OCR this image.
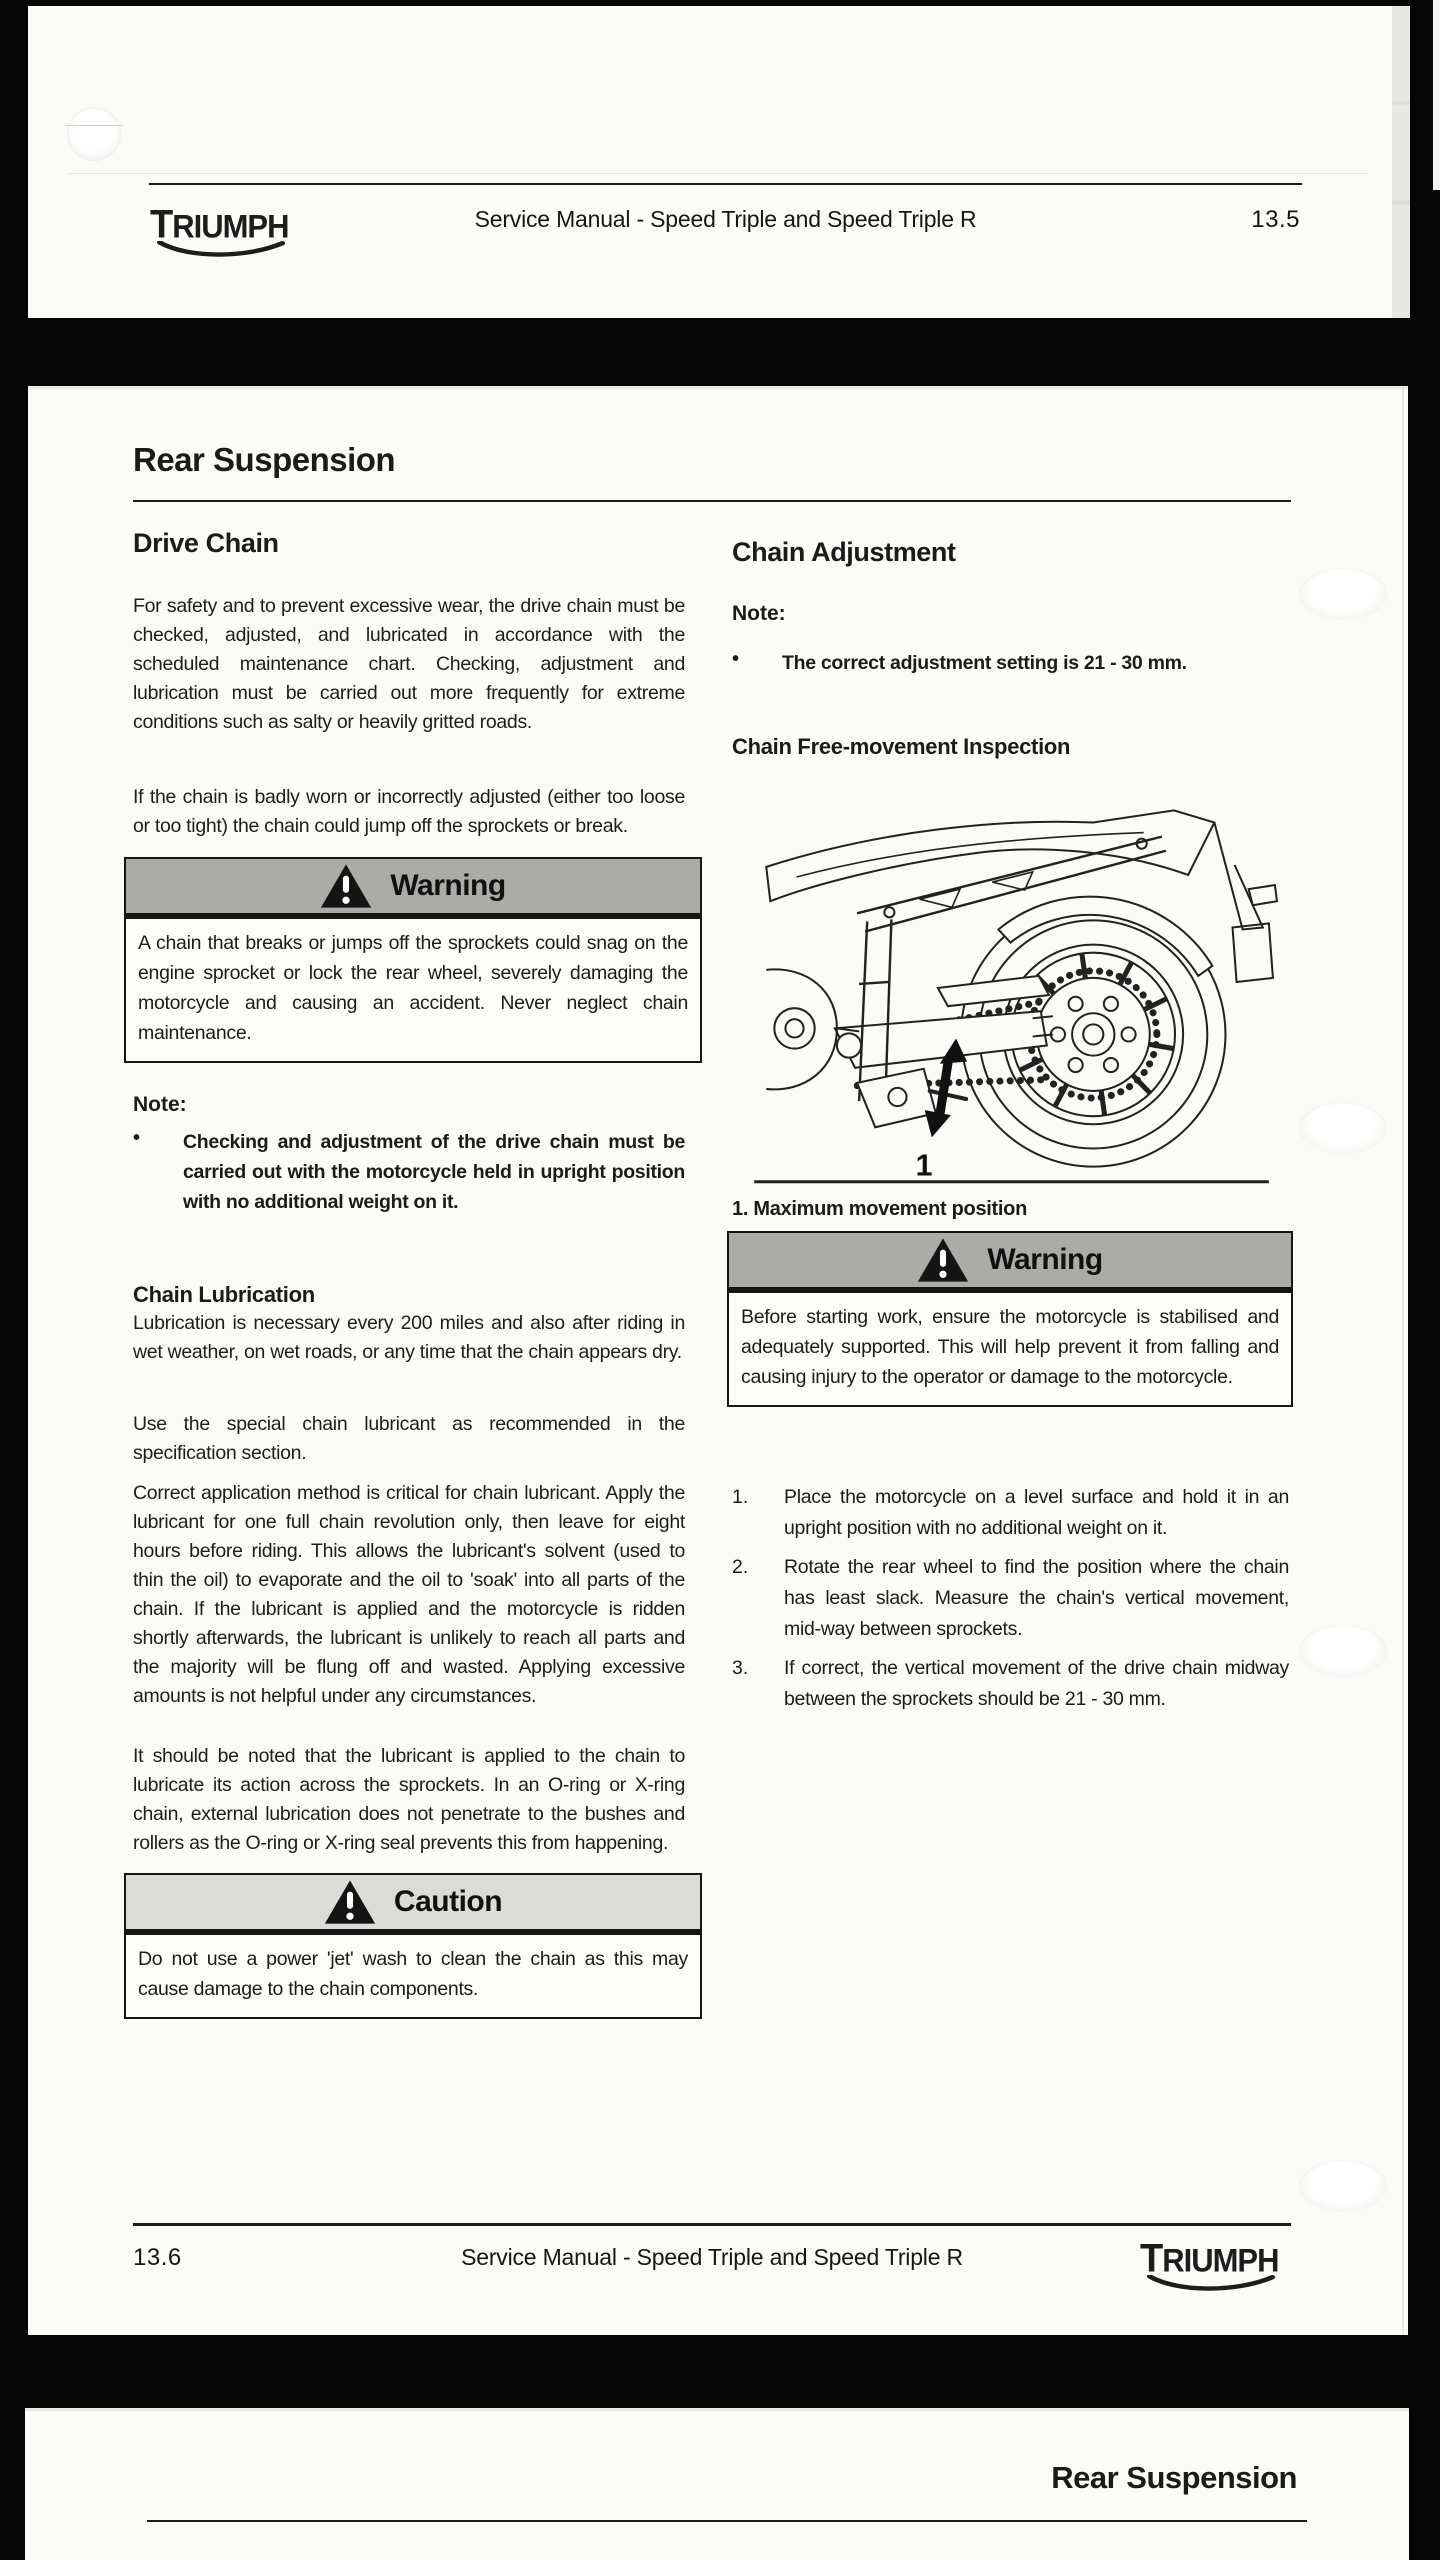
TRIUMPH	Service Manual - Speed Triple and Speed Triple R	13.5
Rear Suspension
Drive Chain
For safety and to prevent excessive wear, the drive chain must be checked, adjusted, and lubricated in accordance with the scheduled maintenance chart. Checking, adjustment and lubrication must be carried out more frequently for extreme conditions such as salty or heavily gritted roads.
If the chain is badly worn or incorrectly adjusted (either too loose or too tight) the chain could jump off the sprockets or break.
Warning
A chain that breaks or jumps off the sprockets could snag on the engine sprocket or lock the rear wheel, severely damaging the motorcycle and causing an accident. Never neglect chain maintenance.
Note:
•	Checking and adjustment of the drive chain must be carried out with the motorcycle held in upright position with no additional weight on it.
Chain Lubrication
Lubrication is necessary every 200 miles and also after riding in wet weather, on wet roads, or any time that the chain appears dry.
Use the special chain lubricant as recommended in the specification section.
Correct application method is critical for chain lubricant. Apply the lubricant for one full chain revolution only, then leave for eight hours before riding. This allows the lubricant's solvent (used to thin the oil) to evaporate and the oil to 'soak' into all parts of the chain. If the lubricant is applied and the motorcycle is ridden shortly afterwards, the lubricant is unlikely to reach all parts and the majority will be flung off and wasted. Applying excessive amounts is not helpful under any circumstances.
It should be noted that the lubricant is applied to the chain to lubricate its action across the sprockets. In an O-ring or X-ring chain, external lubrication does not penetrate to the bushes and rollers as the O-ring or X-ring seal prevents this from happening.
Caution
Do not use a power 'jet' wash to clean the chain as this may cause damage to the chain components.
Chain Adjustment
Note:
•	The correct adjustment setting is 21 - 30 mm.
Chain Free-movement Inspection
1
1. Maximum movement position
Warning
Before starting work, ensure the motorcycle is stabilised and adequately supported. This will help prevent it from falling and causing injury to the operator or damage to the motorcycle.
1.	Place the motorcycle on a level surface and hold it in an upright position with no additional weight on it.
2.	Rotate the rear wheel to find the position where the chain has least slack. Measure the chain's vertical movement, mid-way between sprockets.
3.	If correct, the vertical movement of the drive chain midway between the sprockets should be 21 - 30 mm.
13.6	Service Manual - Speed Triple and Speed Triple R	TRIUMPH
Rear Suspension
